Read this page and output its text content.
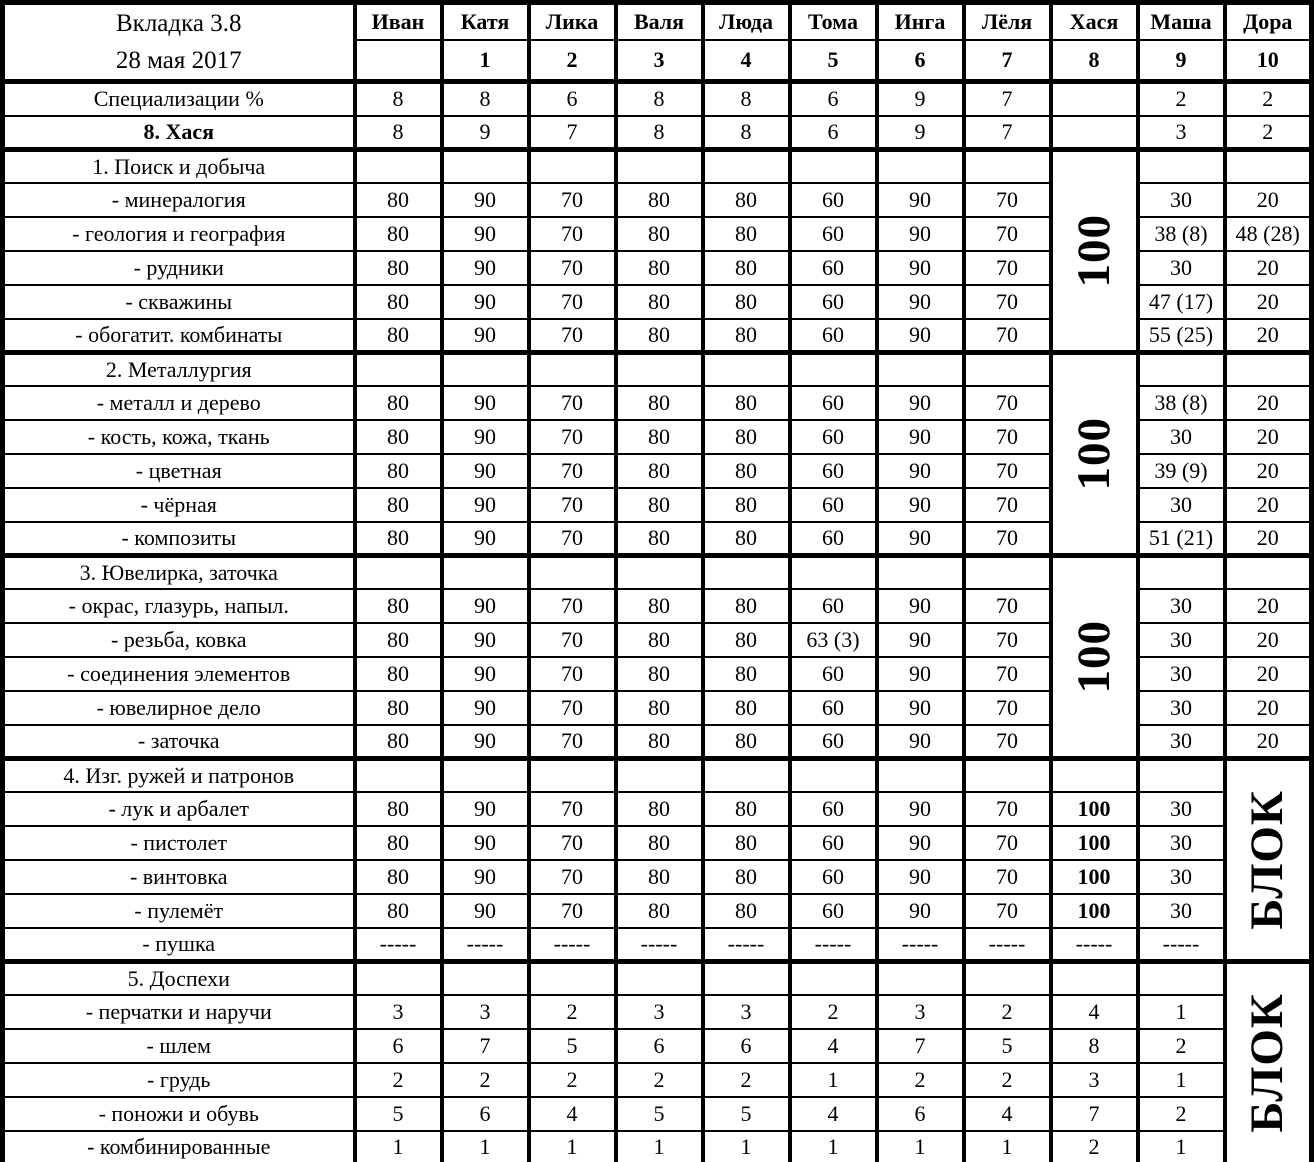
Вкладка 3.8
28 мая 2017	Иван	Катя	Лика	Валя	Люда	Тома	Инга	Лёля	Хася	Маша	Дора
		1	2	3	4	5	6	7	8	9	10
Специализации %	8	8	6	8	8	6	9	7		2	2
8. Хася	8	9	7	8	8	6	9	7		3	2
1. Поиск и добыча									100		

- минералогия	80	90	70	80	80	60	90	70		30	20
- геология и география	80	90	70	80	80	60	90	70		38 (8)	48 (28)
- рудники	80	90	70	80	80	60	90	70		30	20
- скважины	80	90	70	80	80	60	90	70		47 (17)	20
- обогатит. комбинаты	80	90	70	80	80	60	90	70		55 (25)	20
2. Металлургия									100		

- металл и дерево	80	90	70	80	80	60	90	70		38 (8)	20
- кость, кожа, ткань	80	90	70	80	80	60	90	70		30	20
- цветная	80	90	70	80	80	60	90	70		39 (9)	20
- чёрная	80	90	70	80	80	60	90	70		30	20
- композиты	80	90	70	80	80	60	90	70		51 (21)	20
3. Ювелирка, заточка									100		

- окрас, глазурь, напыл.	80	90	70	80	80	60	90	70		30	20
- резьба, ковка	80	90	70	80	80	63 (3)	90	70		30	20
- соединения элементов	80	90	70	80	80	60	90	70		30	20
- ювелирное дело	80	90	70	80	80	60	90	70		30	20
- заточка	80	90	70	80	80	60	90	70		30	20
4. Изг. ружей и патронов											БЛОК

- лук и арбалет	80	90	70	80	80	60	90	70	100	30	
- пистолет	80	90	70	80	80	60	90	70	100	30	
- винтовка	80	90	70	80	80	60	90	70	100	30	
- пулемёт	80	90	70	80	80	60	90	70	100	30	
- пушка	-----	-----	-----	-----	-----	-----	-----	-----	-----	-----	
5. Доспехи											БЛОК

- перчатки и наручи	3	3	2	3	3	2	3	2	4	1	
- шлем	6	7	5	6	6	4	7	5	8	2	
- грудь	2	2	2	2	2	1	2	2	3	1	
- поножи и обувь	5	6	4	5	5	4	6	4	7	2	
- комбинированные	1	1	1	1	1	1	1	1	2	1	
